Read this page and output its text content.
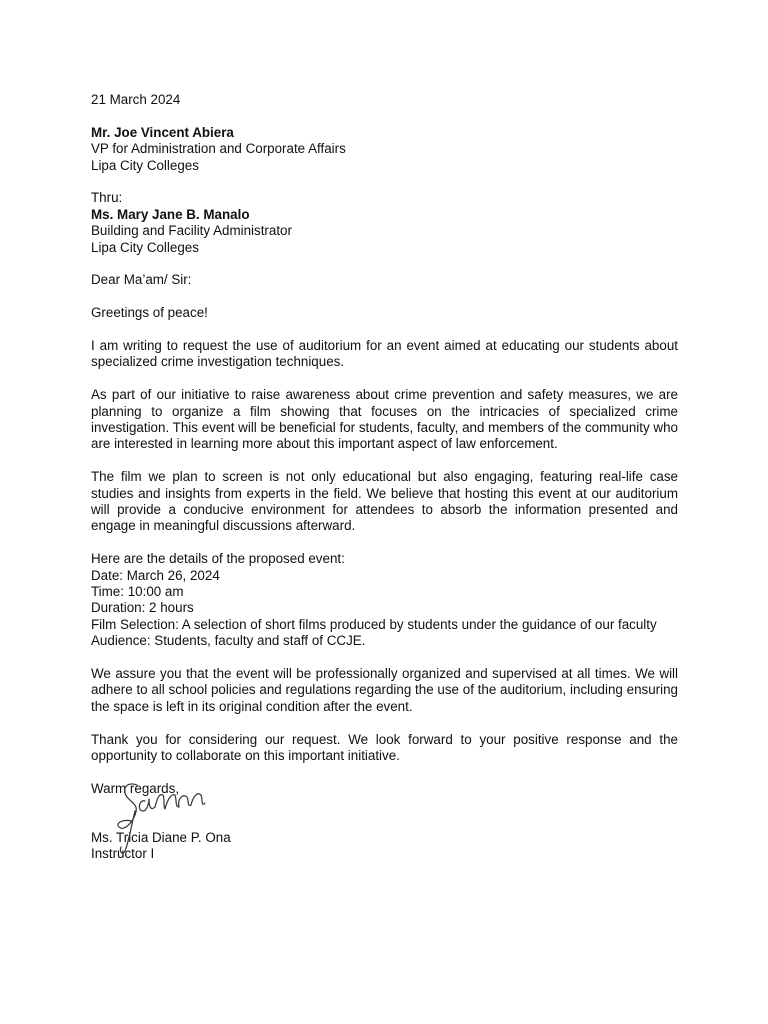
21 March 2024
Mr. Joe Vincent Abiera
VP for Administration and Corporate Affairs
Lipa City Colleges
Thru:
Ms. Mary Jane B. Manalo
Building and Facility Administrator
Lipa City Colleges
Dear Ma’am/ Sir:
Greetings of peace!
I am writing to request the use of auditorium for an event aimed at educating our students about specialized crime investigation techniques.
As part of our initiative to raise awareness about crime prevention and safety measures, we are planning to organize a film showing that focuses on the intricacies of specialized crime investigation. This event will be beneficial for students, faculty, and members of the community who are interested in learning more about this important aspect of law enforcement.
The film we plan to screen is not only educational but also engaging, featuring real-life case studies and insights from experts in the field. We believe that hosting this event at our auditorium will provide a conducive environment for attendees to absorb the information presented and engage in meaningful discussions afterward.
Here are the details of the proposed event:
Date: March 26, 2024
Time: 10:00 am
Duration: 2 hours
Film Selection: A selection of short films produced by students under the guidance of our faculty
Audience: Students, faculty and staff of CCJE.
We assure you that the event will be professionally organized and supervised at all times. We will adhere to all school policies and regulations regarding the use of the auditorium, including ensuring the space is left in its original condition after the event.
Thank you for considering our request. We look forward to your positive response and the opportunity to collaborate on this important initiative.
Warm regards,
Ms. Tricia Diane P. Ona
Instructor I
